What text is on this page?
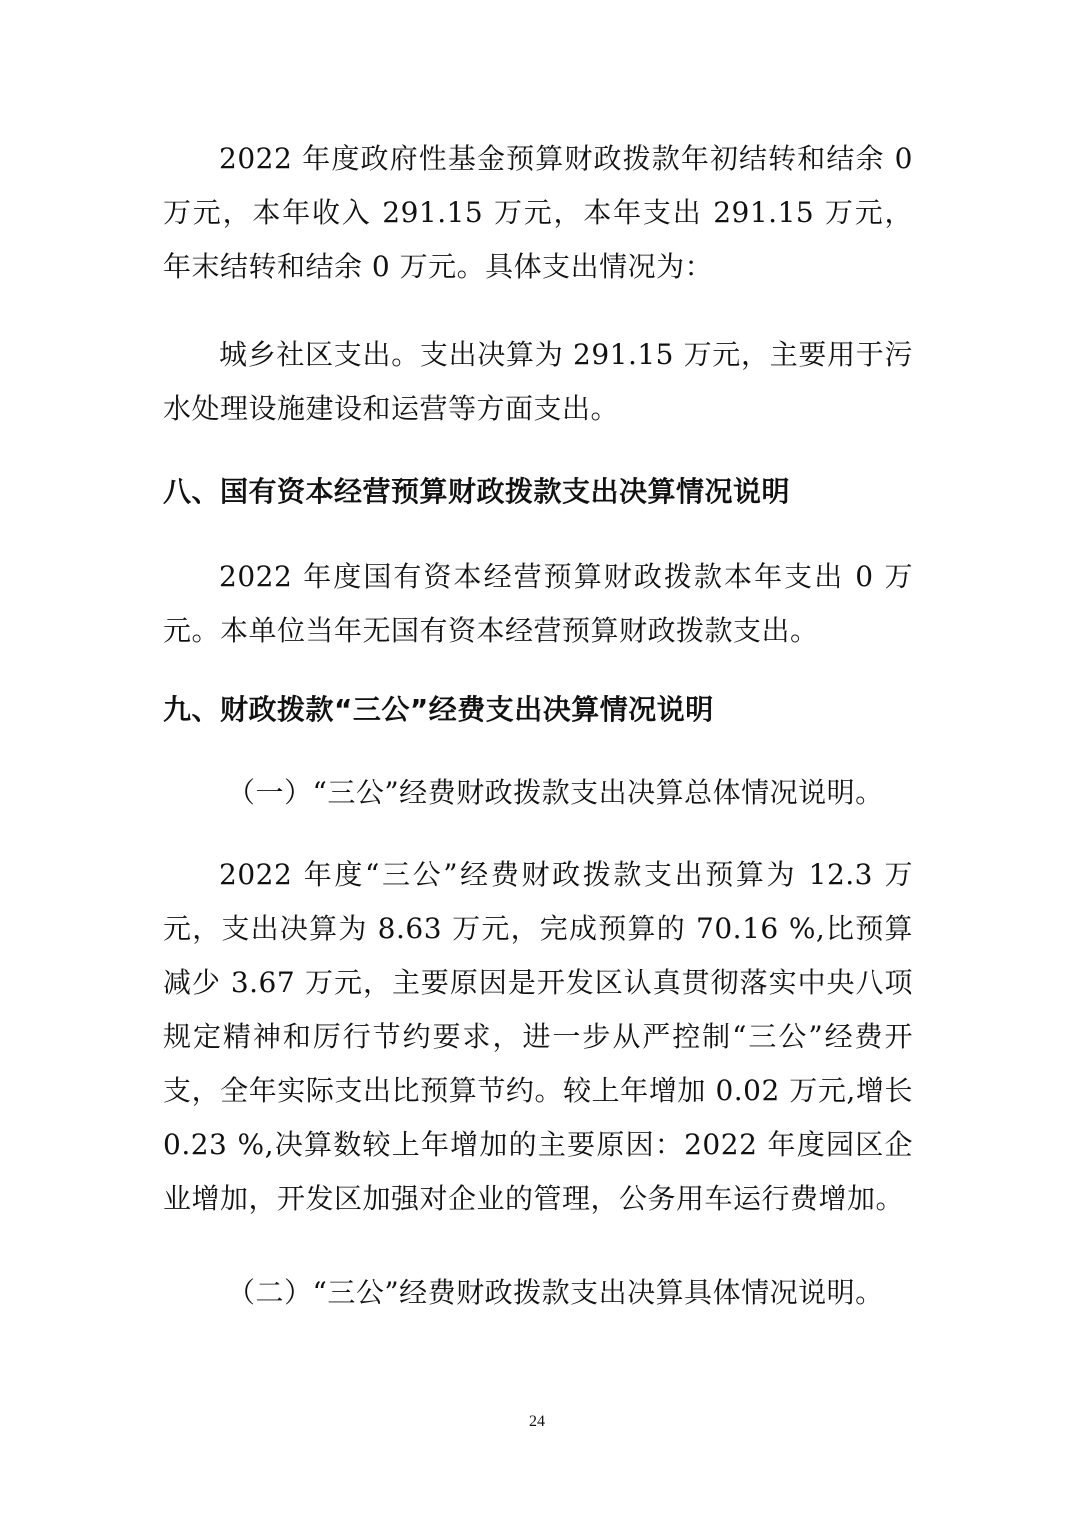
2022 年度政府性基金预算财政拨款年初结转和结余 0 万元，本年收入 291.15 万元，本年支出 291.15 万元，年末结转和结余 0 万元。具体支出情况为：

城乡社区支出。支出决算为 291.15 万元，主要用于污水处理设施建设和运营等方面支出。

八、国有资本经营预算财政拨款支出决算情况说明

2022 年度国有资本经营预算财政拨款本年支出 0 万元。本单位当年无国有资本经营预算财政拨款支出。

九、财政拨款“三公”经费支出决算情况说明

（一）“三公”经费财政拨款支出决算总体情况说明。

2022 年度“三公”经费财政拨款支出预算为 12.3 万元，支出决算为 8.63 万元，完成预算的 70.16 %,比预算减少 3.67 万元，主要原因是开发区认真贯彻落实中央八项规定精神和厉行节约要求，进一步从严控制“三公”经费开支，全年实际支出比预算节约。较上年增加 0.02 万元,增长 0.23 %,决算数较上年增加的主要原因：2022 年度园区企业增加，开发区加强对企业的管理，公务用车运行费增加。

（二）“三公”经费财政拨款支出决算具体情况说明。

24
